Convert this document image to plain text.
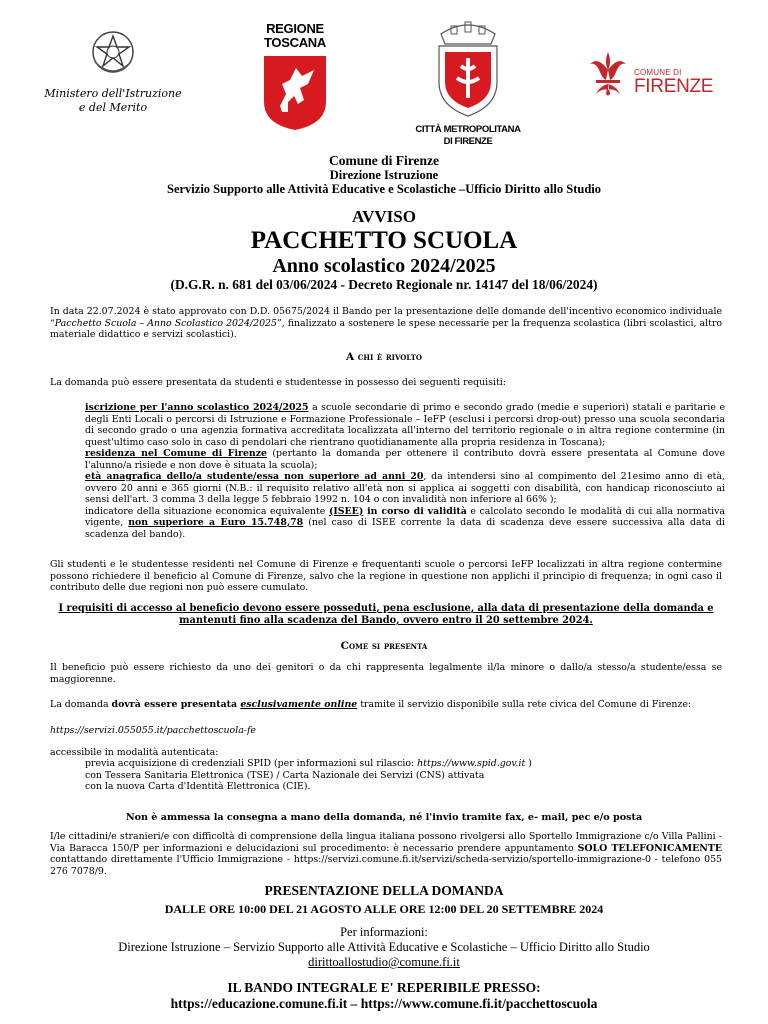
Ministero dell'Istruzione
e del Merito
REGIONE
TOSCANA
CITTÀ METROPOLITANA
DI FIRENZE
COMUNE DI
FIRENZE
Comune di Firenze
Direzione Istruzione
Servizio Supporto alle Attività Educative e Scolastiche –Ufficio Diritto allo Studio
AVVISO
PACCHETTO SCUOLA
Anno scolastico 2024/2025
(D.G.R. n. 681 del 03/06/2024 - Decreto Regionale nr. 14147 del 18/06/2024)
In data 22.07.2024 è stato approvato con D.D. 05675/2024 il Bando per la presentazione delle domande dell'incentivo economico individuale “Pacchetto Scuola – Anno Scolastico 2024/2025”, finalizzato a sostenere le spese necessarie per la frequenza scolastica (libri scolastici, altro materiale didattico e servizi scolastici).
A chi è rivolto
La domanda può essere presentata da studenti e studentesse in possesso dei seguenti requisiti:
iscrizione per l'anno scolastico 2024/2025 a scuole secondarie di primo e secondo grado (medie e superiori) statali e paritarie e degli Enti Locali o percorsi di Istruzione e Formazione Professionale – IeFP (esclusi i percorsi drop-out) presso una scuola secondaria di secondo grado o una agenzia formativa accreditata localizzata all'interno del territorio regionale o in altra regione contermine (in quest'ultimo caso solo in caso di pendolari che rientrano quotidianamente alla propria residenza in Toscana);
residenza nel Comune di Firenze (pertanto la domanda per ottenere il contributo dovrà essere presentata al Comune dove l'alunno/a risiede e non dove è situata la scuola);
età anagrafica dello/a studente/essa non superiore ad anni 20, da intendersi sino al compimento del 21esimo anno di età, ovvero 20 anni e 365 giorni (N.B.: il requisito relativo all'età non si applica ai soggetti con disabilità, con handicap riconosciuto ai sensi dell'art. 3 comma 3 della legge 5 febbraio 1992 n. 104 o con invalidità non inferiore al 66% );
indicatore della situazione economica equivalente (ISEE) in corso di validità e calcolato secondo le modalità di cui alla normativa vigente, non superiore a Euro 15.748,78 (nel caso di ISEE corrente la data di scadenza deve essere successiva alla data di scadenza del bando).
Gli studenti e le studentesse residenti nel Comune di Firenze e frequentanti scuole o percorsi IeFP localizzati in altra regione contermine possono richiedere il beneficio al Comune di Firenze, salvo che la regione in questione non applichi il principio di frequenza; in ogni caso il contributo delle due regioni non può essere cumulato.
I requisiti di accesso al beneficio devono essere posseduti, pena esclusione, alla data di presentazione della domanda e mantenuti fino alla scadenza del Bando, ovvero entro il 20 settembre 2024.
Come si presenta
Il beneficio può essere richiesto da uno dei genitori o da chi rappresenta legalmente il/la minore o dallo/a stesso/a studente/essa se maggiorenne.
La domanda dovrà essere presentata esclusivamente online tramite il servizio disponibile sulla rete civica del Comune di Firenze:
https://servizi.055055.it/pacchettoscuola-fe
accessibile in modalità autenticata:
previa acquisizione di credenziali SPID (per informazioni sul rilascio: https://www.spid.gov.it )
con Tessera Sanitaria Elettronica (TSE) / Carta Nazionale dei Servizi (CNS) attivata
con la nuova Carta d'Identità Elettronica (CIE).
Non è ammessa la consegna a mano della domanda, né l'invio tramite fax, e- mail, pec e/o posta
I/le cittadini/e stranieri/e con difficoltà di comprensione della lingua italiana possono rivolgersi allo Sportello Immigrazione c/o Villa Pallini - Via Baracca 150/P per informazioni e delucidazioni sul procedimento: è necessario prendere appuntamento SOLO TELEFONICAMENTE contattando direttamente l'Ufficio Immigrazione - https://servizi.comune.fi.it/servizi/scheda-servizio/sportello-immigrazione-0 - telefono 055 276 7078/9.
PRESENTAZIONE DELLA DOMANDA
DALLE ORE 10:00 DEL 21 AGOSTO ALLE ORE 12:00 DEL 20 SETTEMBRE 2024
Per informazioni:
Direzione Istruzione – Servizio Supporto alle Attività Educative e Scolastiche – Ufficio Diritto allo Studio
dirittoallostudio@comune.fi.it
IL BANDO INTEGRALE E' REPERIBILE PRESSO:
https://educazione.comune.fi.it – https://www.comune.fi.it/pacchettoscuola
